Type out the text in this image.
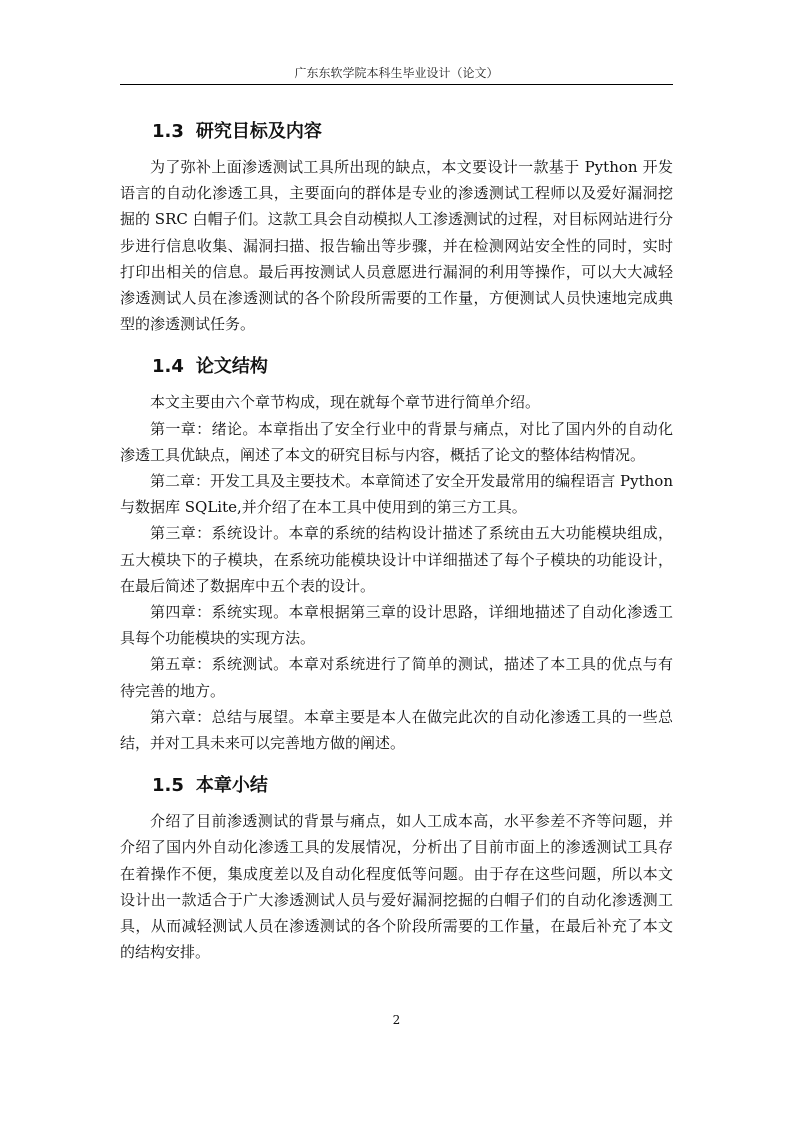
广东东软学院本科生毕业设计（论文）
1.3 研究目标及内容

为了弥补上面渗透测试工具所出现的缺点，本文要设计一款基于 Python 开发语言的自动化渗透工具，主要面向的群体是专业的渗透测试工程师以及爱好漏洞挖掘的 SRC 白帽子们。这款工具会自动模拟人工渗透测试的过程，对目标网站进行分步进行信息收集、漏洞扫描、报告输出等步骤，并在检测网站安全性的同时，实时打印出相关的信息。最后再按测试人员意愿进行漏洞的利用等操作，可以大大减轻渗透测试人员在渗透测试的各个阶段所需要的工作量，方便测试人员快速地完成典型的渗透测试任务。

1.4 论文结构

本文主要由六个章节构成，现在就每个章节进行简单介绍。

第一章：绪论。本章指出了安全行业中的背景与痛点，对比了国内外的自动化渗透工具优缺点，阐述了本文的研究目标与内容，概括了论文的整体结构情况。

第二章：开发工具及主要技术。本章简述了安全开发最常用的编程语言 Python 与数据库 SQLite,并介绍了在本工具中使用到的第三方工具。

第三章：系统设计。本章的系统的结构设计描述了系统由五大功能模块组成，五大模块下的子模块，在系统功能模块设计中详细描述了每个子模块的功能设计，在最后简述了数据库中五个表的设计。

第四章：系统实现。本章根据第三章的设计思路，详细地描述了自动化渗透工具每个功能模块的实现方法。

第五章：系统测试。本章对系统进行了简单的测试，描述了本工具的优点与有待完善的地方。

第六章：总结与展望。本章主要是本人在做完此次的自动化渗透工具的一些总结，并对工具未来可以完善地方做的阐述。

1.5 本章小结

介绍了目前渗透测试的背景与痛点，如人工成本高，水平参差不齐等问题，并介绍了国内外自动化渗透工具的发展情况，分析出了目前市面上的渗透测试工具存在着操作不便，集成度差以及自动化程度低等问题。由于存在这些问题，所以本文设计出一款适合于广大渗透测试人员与爱好漏洞挖掘的白帽子们的自动化渗透测工具，从而减轻测试人员在渗透测试的各个阶段所需要的工作量，在最后补充了本文的结构安排。

2
